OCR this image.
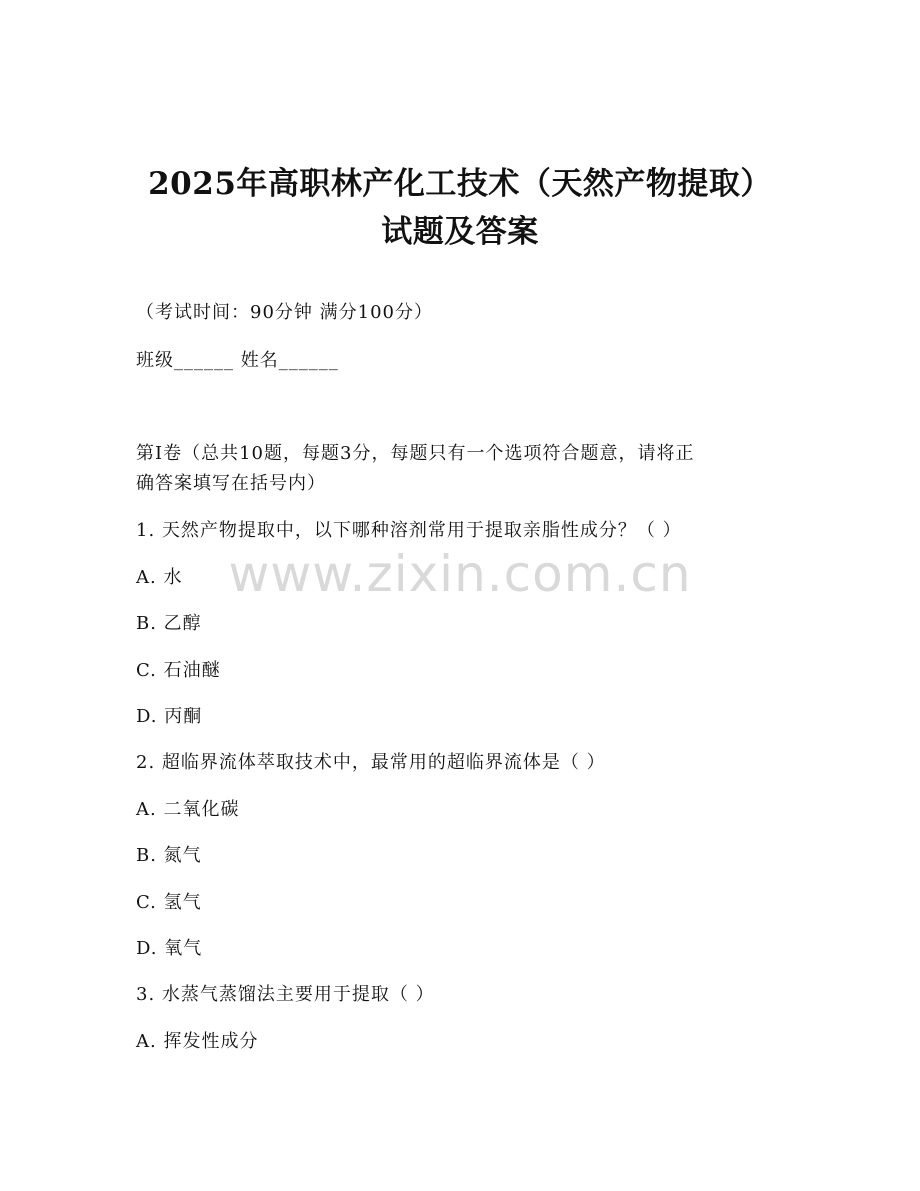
2025年高职林产化工技术（天然产物提取）
试题及答案
（考试时间：90分钟 满分100分）
班级______ 姓名______
第I卷（总共10题，每题3分，每题只有一个选项符合题意，请将正
确答案填写在括号内）
1. 天然产物提取中，以下哪种溶剂常用于提取亲脂性成分？（ ）
A. 水
B. 乙醇
C. 石油醚
D. 丙酮
2. 超临界流体萃取技术中，最常用的超临界流体是（ ）
A. 二氧化碳
B. 氮气
C. 氢气
D. 氧气
3. 水蒸气蒸馏法主要用于提取（ ）
A. 挥发性成分
www.zixin.com.cn
